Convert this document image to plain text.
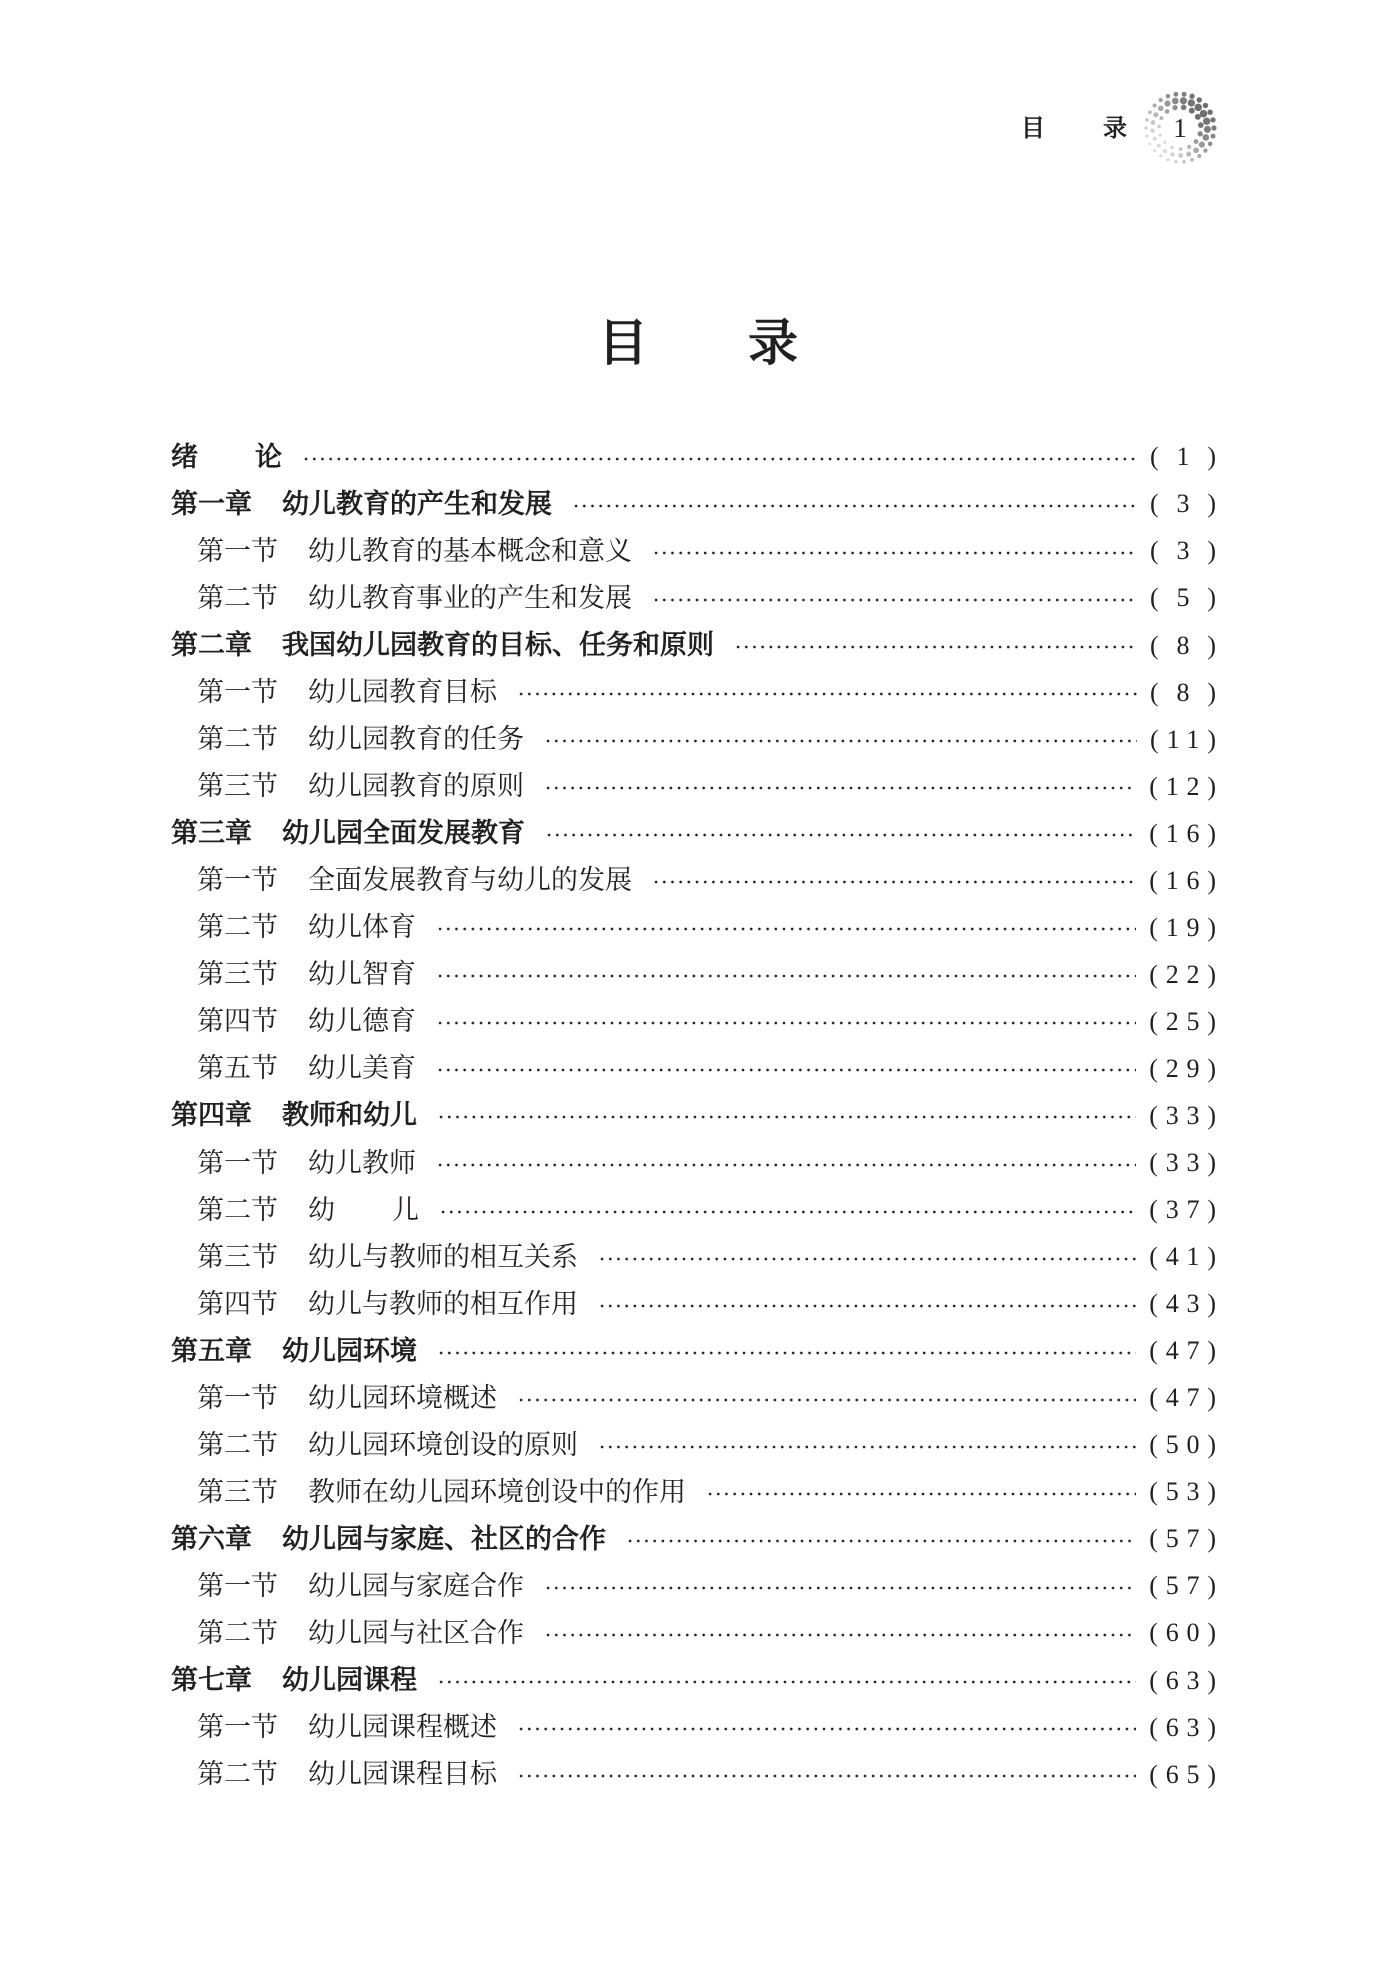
目 录	1
目 录
绪 论	( 1 )
第一章	幼儿教育的产生和发展	( 3 )
第一节	幼儿教育的基本概念和意义	( 3 )
第二节	幼儿教育事业的产生和发展	( 5 )
第二章	我国幼儿园教育的目标、任务和原则	( 8 )
第一节	幼儿园教育目标	( 8 )
第二节	幼儿园教育的任务	( 11 )
第三节	幼儿园教育的原则	( 12 )
第三章	幼儿园全面发展教育	( 16 )
第一节	全面发展教育与幼儿的发展	( 16 )
第二节	幼儿体育	( 19 )
第三节	幼儿智育	( 22 )
第四节	幼儿德育	( 25 )
第五节	幼儿美育	( 29 )
第四章	教师和幼儿	( 33 )
第一节	幼儿教师	( 33 )
第二节	幼 儿	( 37 )
第三节	幼儿与教师的相互关系	( 41 )
第四节	幼儿与教师的相互作用	( 43 )
第五章	幼儿园环境	( 47 )
第一节	幼儿园环境概述	( 47 )
第二节	幼儿园环境创设的原则	( 50 )
第三节	教师在幼儿园环境创设中的作用	( 53 )
第六章	幼儿园与家庭、社区的合作	( 57 )
第一节	幼儿园与家庭合作	( 57 )
第二节	幼儿园与社区合作	( 60 )
第七章	幼儿园课程	( 63 )
第一节	幼儿园课程概述	( 63 )
第二节	幼儿园课程目标	( 65 )
